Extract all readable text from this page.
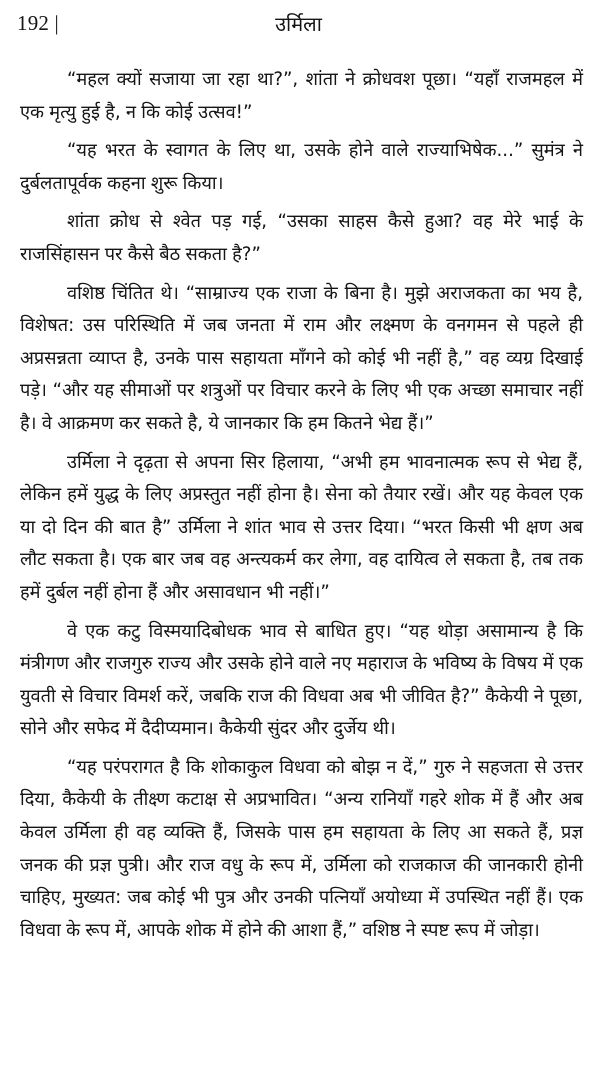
192 |	उर्मिला

“महल क्यों सजाया जा रहा था?”, शांता ने क्रोधवश पूछा। “यहाँ राजमहल में एक मृत्यु हुई है, न कि कोई उत्सव!”

“यह भरत के स्वागत के लिए था, उसके होने वाले राज्याभिषेक...” सुमंत्र ने दुर्बलतापूर्वक कहना शुरू किया।

शांता क्रोध से श्वेत पड़ गई, “उसका साहस कैसे हुआ? वह मेरे भाई के राजसिंहासन पर कैसे बैठ सकता है?”

वशिष्ठ चिंतित थे। “साम्राज्य एक राजा के बिना है। मुझे अराजकता का भय है, विशेषत: उस परिस्थिति में जब जनता में राम और लक्ष्मण के वनगमन से पहले ही अप्रसन्नता व्याप्त है, उनके पास सहायता माँगने को कोई भी नहीं है,” वह व्यग्र दिखाई पड़े। “और यह सीमाओं पर शत्रुओं पर विचार करने के लिए भी एक अच्छा समाचार नहीं है। वे आक्रमण कर सकते है, ये जानकार कि हम कितने भेद्य हैं।”

उर्मिला ने दृढ़ता से अपना सिर हिलाया, “अभी हम भावनात्मक रूप से भेद्य हैं, लेकिन हमें युद्ध के लिए अप्रस्तुत नहीं होना है। सेना को तैयार रखें। और यह केवल एक या दो दिन की बात है” उर्मिला ने शांत भाव से उत्तर दिया। “भरत किसी भी क्षण अब लौट सकता है। एक बार जब वह अन्त्यकर्म कर लेगा, वह दायित्व ले सकता है, तब तक हमें दुर्बल नहीं होना हैं और असावधान भी नहीं।”

वे एक कटु विस्मयादिबोधक भाव से बाधित हुए। “यह थोड़ा असामान्य है कि मंत्रीगण और राजगुरु राज्य और उसके होने वाले नए महाराज के भविष्य के विषय में एक युवती से विचार विमर्श करें, जबकि राज की विधवा अब भी जीवित है?” कैकेयी ने पूछा, सोने और सफेद में दैदीप्यमान। कैकेयी सुंदर और दुर्जेय थी।

“यह परंपरागत है कि शोकाकुल विधवा को बोझ न दें,” गुरु ने सहजता से उत्तर दिया, कैकेयी के तीक्ष्ण कटाक्ष से अप्रभावित। “अन्य रानियाँ गहरे शोक में हैं और अब केवल उर्मिला ही वह व्यक्ति हैं, जिसके पास हम सहायता के लिए आ सकते हैं, प्रज्ञ जनक की प्रज्ञ पुत्री। और राज वधु के रूप में, उर्मिला को राजकाज की जानकारी होनी चाहिए, मुख्यत: जब कोई भी पुत्र और उनकी पत्नियाँ अयोध्या में उपस्थित नहीं हैं। एक विधवा के रूप में, आपके शोक में होने की आशा हैं,” वशिष्ठ ने स्पष्ट रूप में जोड़ा।
